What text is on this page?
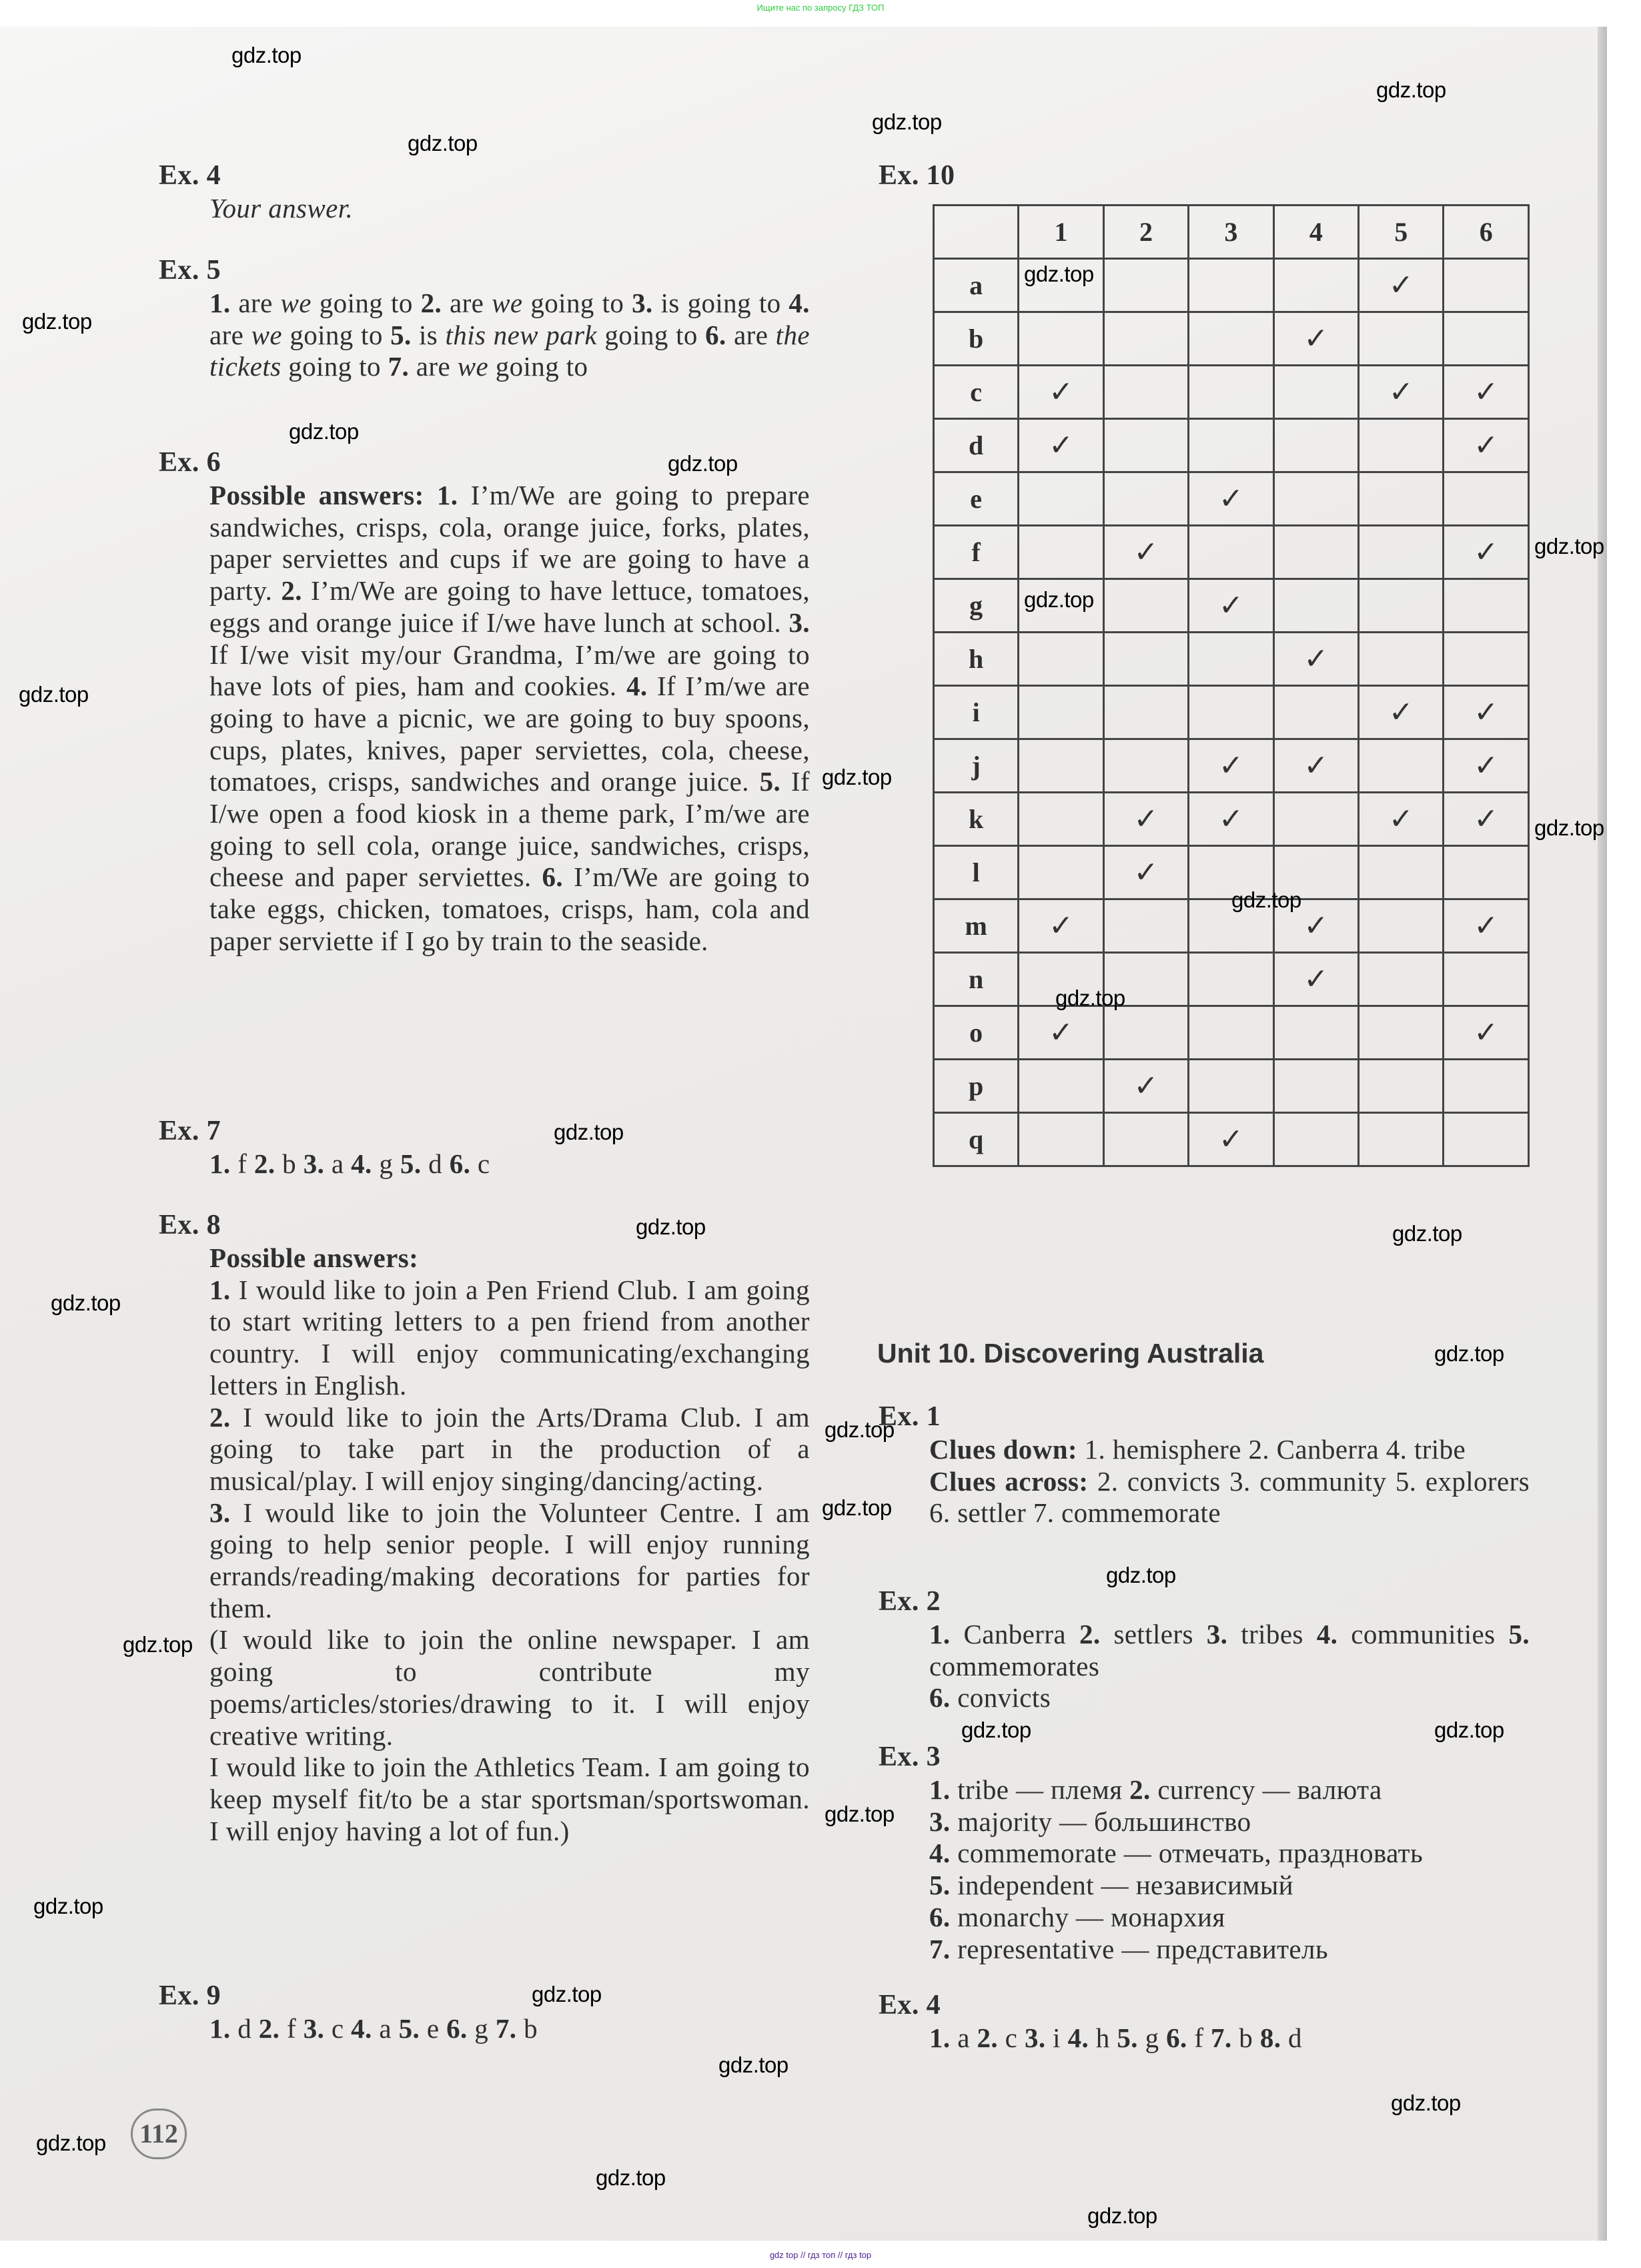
Ищите нас по запросу ГДЗ ТОП
gdz top // гдз топ // гдз top
Ex. 4

Your answer.

Ex. 5

1. are we going to 2. are we going to 3. is going to 4. are we going to 5. is this new park going to 6. are the tickets going to 7. are we going to

Ex. 6

Possible answers: 1. I’m/We are going to prepare sandwiches, crisps, cola, orange juice, forks, plates, paper serviettes and cups if we are going to have a party. 2. I’m/We are going to have lettuce, tomatoes, eggs and orange juice if I/we have lunch at school. 3. If I/we visit my/our Grandma, I’m/we are going to have lots of pies, ham and cookies. 4. If I’m/we are going to have a picnic, we are going to buy spoons, cups, plates, knives, paper serviettes, cola, cheese, tomatoes, crisps, sandwiches and orange juice. 5. If I/we open a food kiosk in a theme park, I’m/we are going to sell cola, orange juice, sandwiches, crisps, cheese and paper serviettes. 6. I’m/We are going to take eggs, chicken, tomatoes, crisps, ham, cola and paper serviette if I go by train to the seaside.

Ex. 7

1. f 2. b 3. a 4. g 5. d 6. c

Ex. 8

Possible answers:

1. I would like to join a Pen Friend Club. I am going to start writing letters to a pen friend from another country. I will enjoy communicating/exchanging letters in English.

2. I would like to join the Arts/Drama Club. I am going to take part in the production of a musical/play. I will enjoy singing/dancing/acting.

3. I would like to join the Volunteer Centre. I am going to help senior people. I will enjoy running errands/reading/making decorations for parties for them.

(I would like to join the online newspaper. I am going to contribute my poems/articles/stories/drawing to it. I will enjoy creative writing.

I would like to join the Athletics Team. I am going to keep myself fit/to be a star sportsman/sportswoman. I will enjoy having a lot of fun.)

Ex. 9

1. d 2. f 3. c 4. a 5. e 6. g 7. b

Ex. 10
	1	2	3	4	5	6
a					✓	
b				✓		
c	✓				✓	✓
d	✓					✓
e			✓			
f		✓				✓
g			✓			
h				✓		
i					✓	✓
j			✓	✓		✓
k		✓	✓		✓	✓
l		✓				
m	✓			✓		✓
n				✓		
o	✓					✓
p		✓				
q			✓			
Unit 10. Discovering Australia
Ex. 1

Clues down: 1. hemisphere 2. Canberra 4. tribe

Clues across: 2. convicts 3. community 5. explorers 6. settler 7. commemorate

Ex. 2

1. Canberra 2. settlers 3. tribes 4. communities 5. commemorates

6. convicts

Ex. 3

1. tribe — племя 2. currency — валюта

3. majority — большинство

4. commemorate — отмечать, праздновать

5. independent — независимый

6. monarchy — монархия

7. representative — представитель

Ex. 4

1. a 2. c 3. i 4. h 5. g 6. f 7. b 8. d

112
gdz.top
gdz.top
gdz.top
gdz.top
gdz.top
gdz.top
gdz.top
gdz.top
gdz.top
gdz.top
gdz.top
gdz.top
gdz.top
gdz.top
gdz.top
gdz.top
gdz.top
gdz.top
gdz.top
gdz.top
gdz.top
gdz.top
gdz.top
gdz.top
gdz.top
gdz.top
gdz.top
gdz.top
gdz.top
gdz.top
gdz.top
gdz.top
gdz.top
gdz.top
